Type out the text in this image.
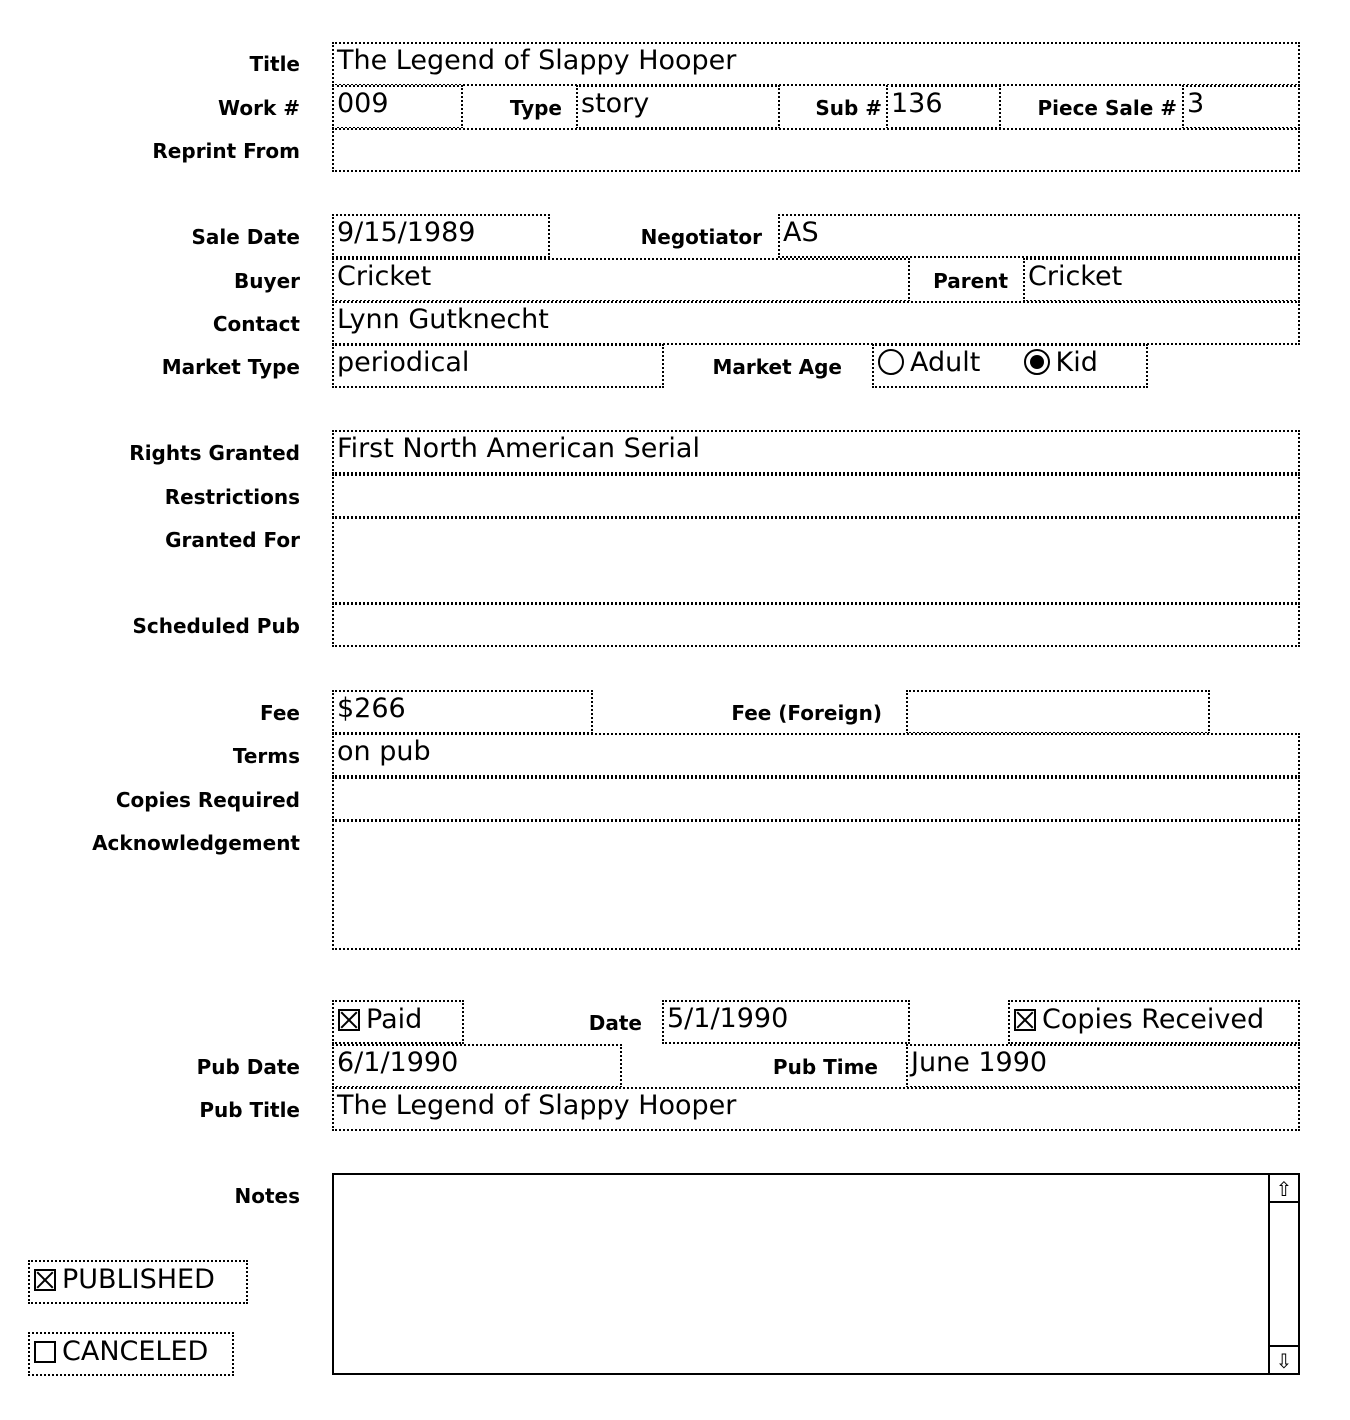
Title The Legend of Slappy Hooper
Work # 009	Type story	Sub # 136	Piece Sale # 3
Reprint From
Sale Date 9/15/1989	Negotiator AS
Buyer Cricket	Parent Cricket
Contact Lynn Gutknecht
Market Type periodical	Market Age	Adult	Kid
Rights Granted First North American Serial
Restrictions
Granted For
Scheduled Pub
Fee $266	Fee (Foreign)
Terms on pub
Copies Required
Acknowledgement
Paid	Date 5/1/1990	Copies Received
Pub Date 6/1/1990	Pub Time June 1990
Pub Title The Legend of Slappy Hooper
Notes	⇧
⇩
PUBLISHED
CANCELED
